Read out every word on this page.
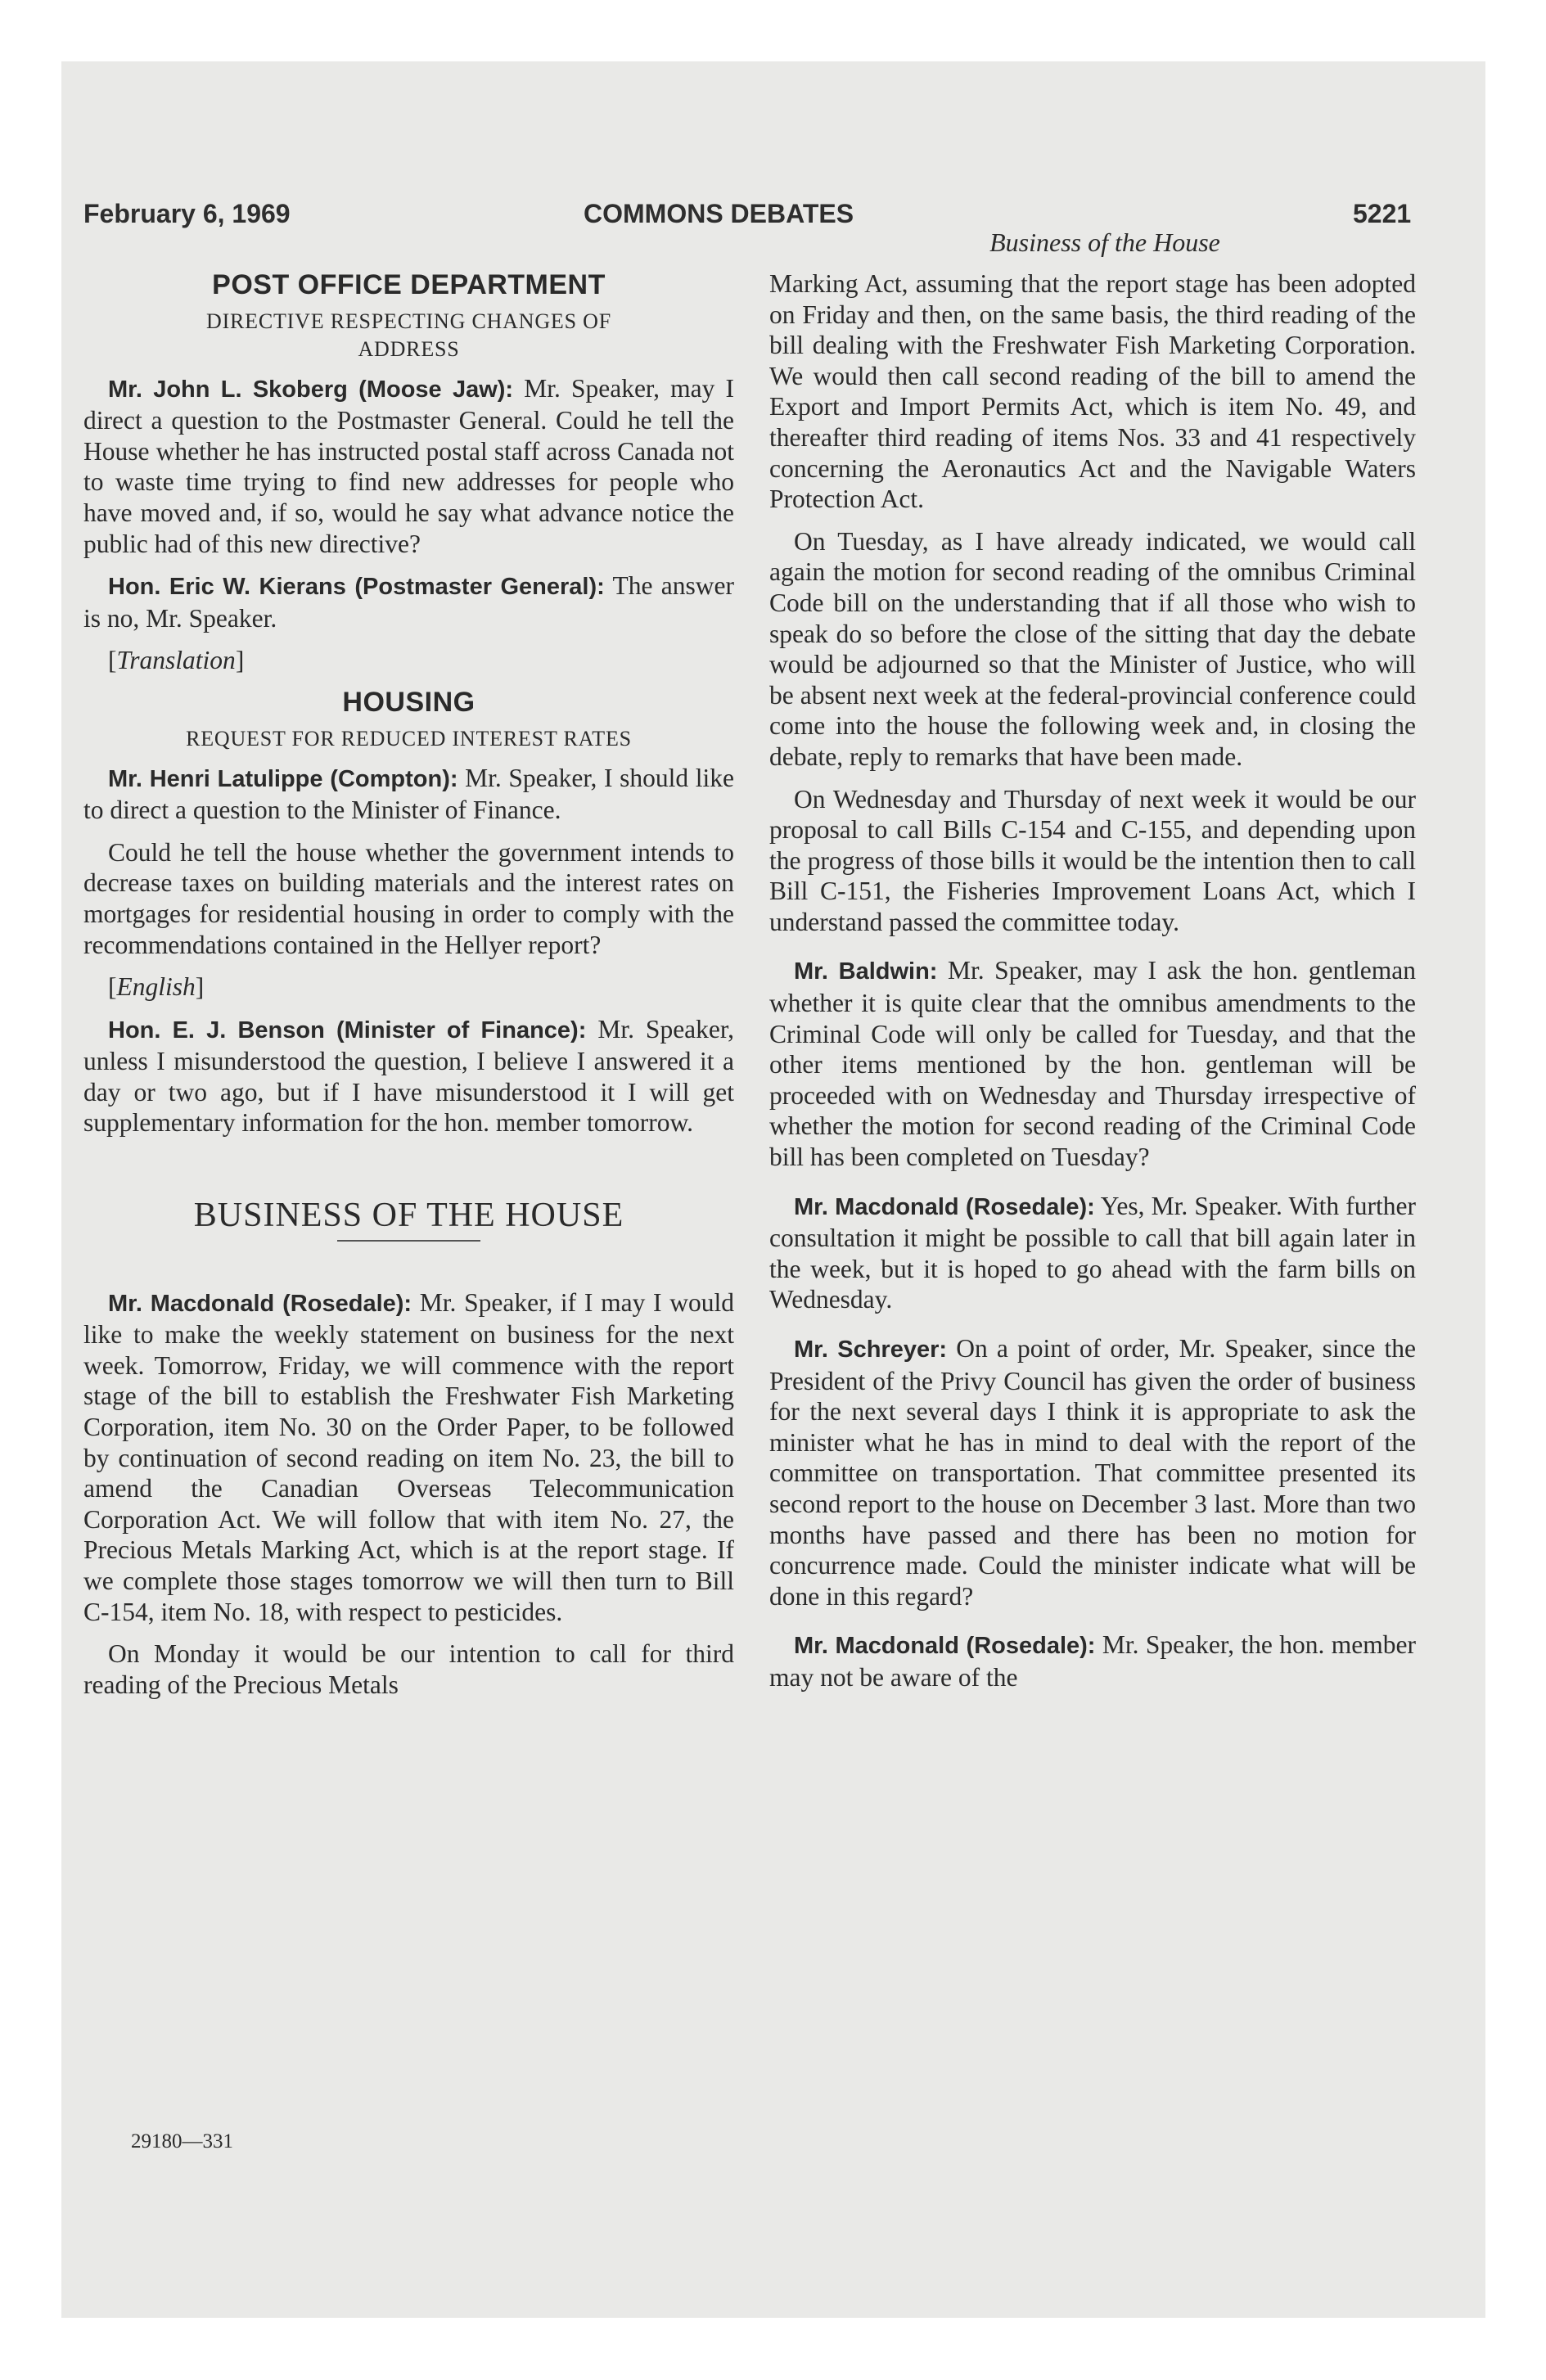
February 6, 1969	COMMONS DEBATES	5221
POST OFFICE DEPARTMENT
DIRECTIVE RESPECTING CHANGES OF ADDRESS

Mr. John L. Skoberg (Moose Jaw): Mr. Speaker, may I direct a question to the Postmaster General. Could he tell the House whether he has instructed postal staff across Canada not to waste time trying to find new addresses for people who have moved and, if so, would he say what advance notice the public had of this new directive?

Hon. Eric W. Kierans (Postmaster General): The answer is no, Mr. Speaker.

[ Translation ]

HOUSING
REQUEST FOR REDUCED INTEREST RATES

Mr. Henri Latulippe (Compton): Mr. Speaker, I should like to direct a question to the Minister of Finance.

Could he tell the house whether the government intends to decrease taxes on building materials and the interest rates on mortgages for residential housing in order to comply with the recommendations contained in the Hellyer report?

[ English ]

Hon. E. J. Benson (Minister of Finance): Mr. Speaker, unless I misunderstood the question, I believe I answered it a day or two ago, but if I have misunderstood it I will get supplementary information for the hon. member tomorrow.

BUSINESS OF THE HOUSE

Mr. Macdonald (Rosedale): Mr. Speaker, if I may I would like to make the weekly statement on business for the next week. Tomorrow, Friday, we will commence with the report stage of the bill to establish the Freshwater Fish Marketing Corporation, item No. 30 on the Order Paper, to be followed by continuation of second reading on item No. 23, the bill to amend the Canadian Overseas Telecommunication Corporation Act. We will follow that with item No. 27, the Precious Metals Marking Act, which is at the report stage. If we complete those stages tomorrow we will then turn to Bill C-154, item No. 18, with respect to pesticides.

On Monday it would be our intention to call for third reading of the Precious Metals

29180—331

Business of the House

Marking Act, assuming that the report stage has been adopted on Friday and then, on the same basis, the third reading of the bill dealing with the Freshwater Fish Marketing Corporation. We would then call second reading of the bill to amend the Export and Import Permits Act, which is item No. 49, and thereafter third reading of items Nos. 33 and 41 respectively concerning the Aeronautics Act and the Navigable Waters Protection Act.

On Tuesday, as I have already indicated, we would call again the motion for second reading of the omnibus Criminal Code bill on the understanding that if all those who wish to speak do so before the close of the sitting that day the debate would be adjourned so that the Minister of Justice, who will be absent next week at the federal-provincial conference could come into the house the following week and, in closing the debate, reply to remarks that have been made.

On Wednesday and Thursday of next week it would be our proposal to call Bills C-154 and C-155, and depending upon the progress of those bills it would be the intention then to call Bill C-151, the Fisheries Improvement Loans Act, which I understand passed the committee today.

Mr. Baldwin: Mr. Speaker, may I ask the hon. gentleman whether it is quite clear that the omnibus amendments to the Criminal Code will only be called for Tuesday, and that the other items mentioned by the hon. gentleman will be proceeded with on Wednesday and Thursday irrespective of whether the motion for second reading of the Criminal Code bill has been completed on Tuesday?

Mr. Macdonald (Rosedale): Yes, Mr. Speaker. With further consultation it might be possible to call that bill again later in the week, but it is hoped to go ahead with the farm bills on Wednesday.

Mr. Schreyer: On a point of order, Mr. Speaker, since the President of the Privy Council has given the order of business for the next several days I think it is appropriate to ask the minister what he has in mind to deal with the report of the committee on transportation. That committee presented its second report to the house on December 3 last. More than two months have passed and there has been no motion for concurrence made. Could the minister indicate what will be done in this regard?

Mr. Macdonald (Rosedale): Mr. Speaker, the hon. member may not be aware of the
